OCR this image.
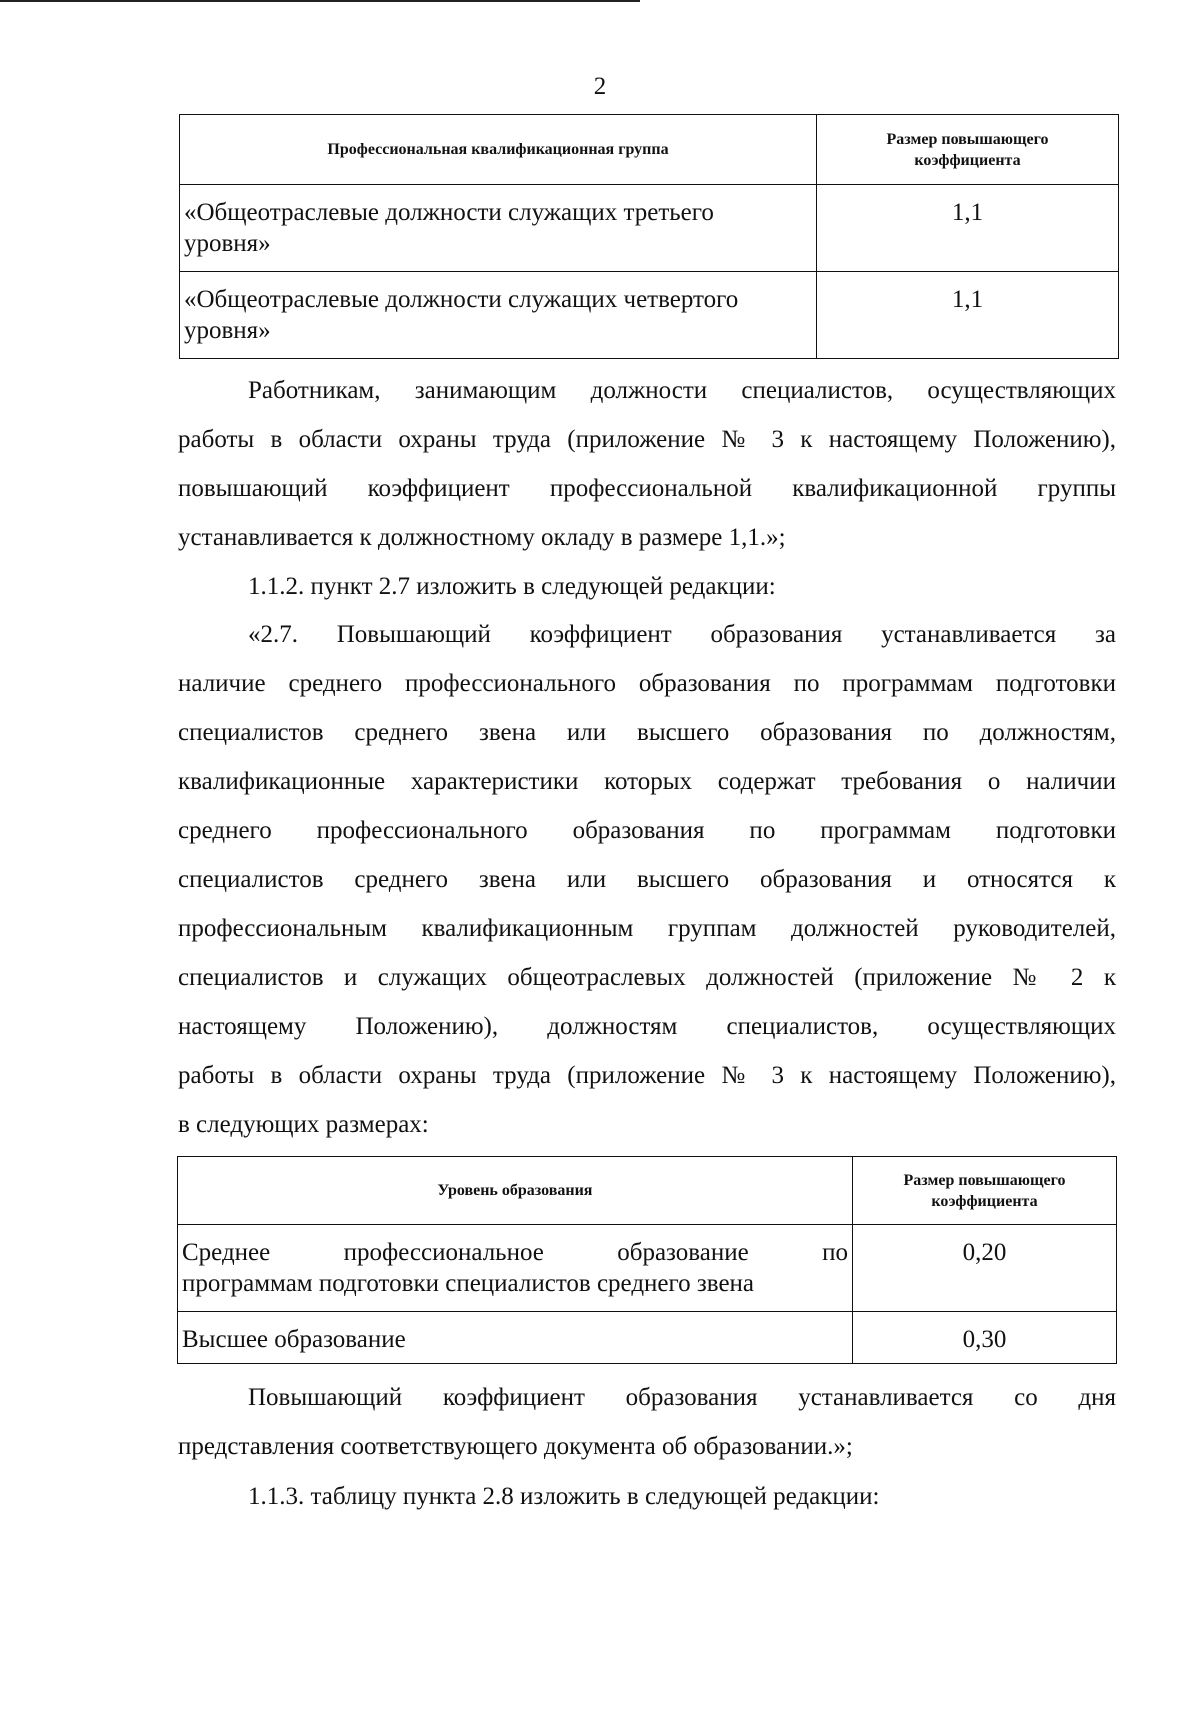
2
Профессиональная квалификационная группа	Размер повышающего коэффициента

«Общеотраслевые должности служащих третьего
уровня»	1,1

«Общеотраслевые должности служащих четвертого
уровня»	1,1
Работникам, занимающим должности специалистов, осуществляющих
работы в области охраны труда (приложение № 3 к настоящему Положению),
повышающий коэффициент профессиональной квалификационной группы
устанавливается к должностному окладу в размере 1,1.»;
1.1.2. пункт 2.7 изложить в следующей редакции:
«2.7. Повышающий коэффициент образования устанавливается за
наличие среднего профессионального образования по программам подготовки
специалистов среднего звена или высшего образования по должностям,
квалификационные характеристики которых содержат требования о наличии
среднего профессионального образования по программам подготовки
специалистов среднего звена или высшего образования и относятся к
профессиональным квалификационным группам должностей руководителей,
специалистов и служащих общеотраслевых должностей (приложение № 2 к
настоящему Положению), должностям специалистов, осуществляющих
работы в области охраны труда (приложение № 3 к настоящему Положению),
в следующих размерах:
Уровень образования	Размер повышающего коэффициента

Среднее профессиональное образование по
программам подготовки специалистов среднего звена	0,20

Высшее образование	0,30
Повышающий коэффициент образования устанавливается со дня
представления соответствующего документа об образовании.»;
1.1.3. таблицу пункта 2.8 изложить в следующей редакции:
